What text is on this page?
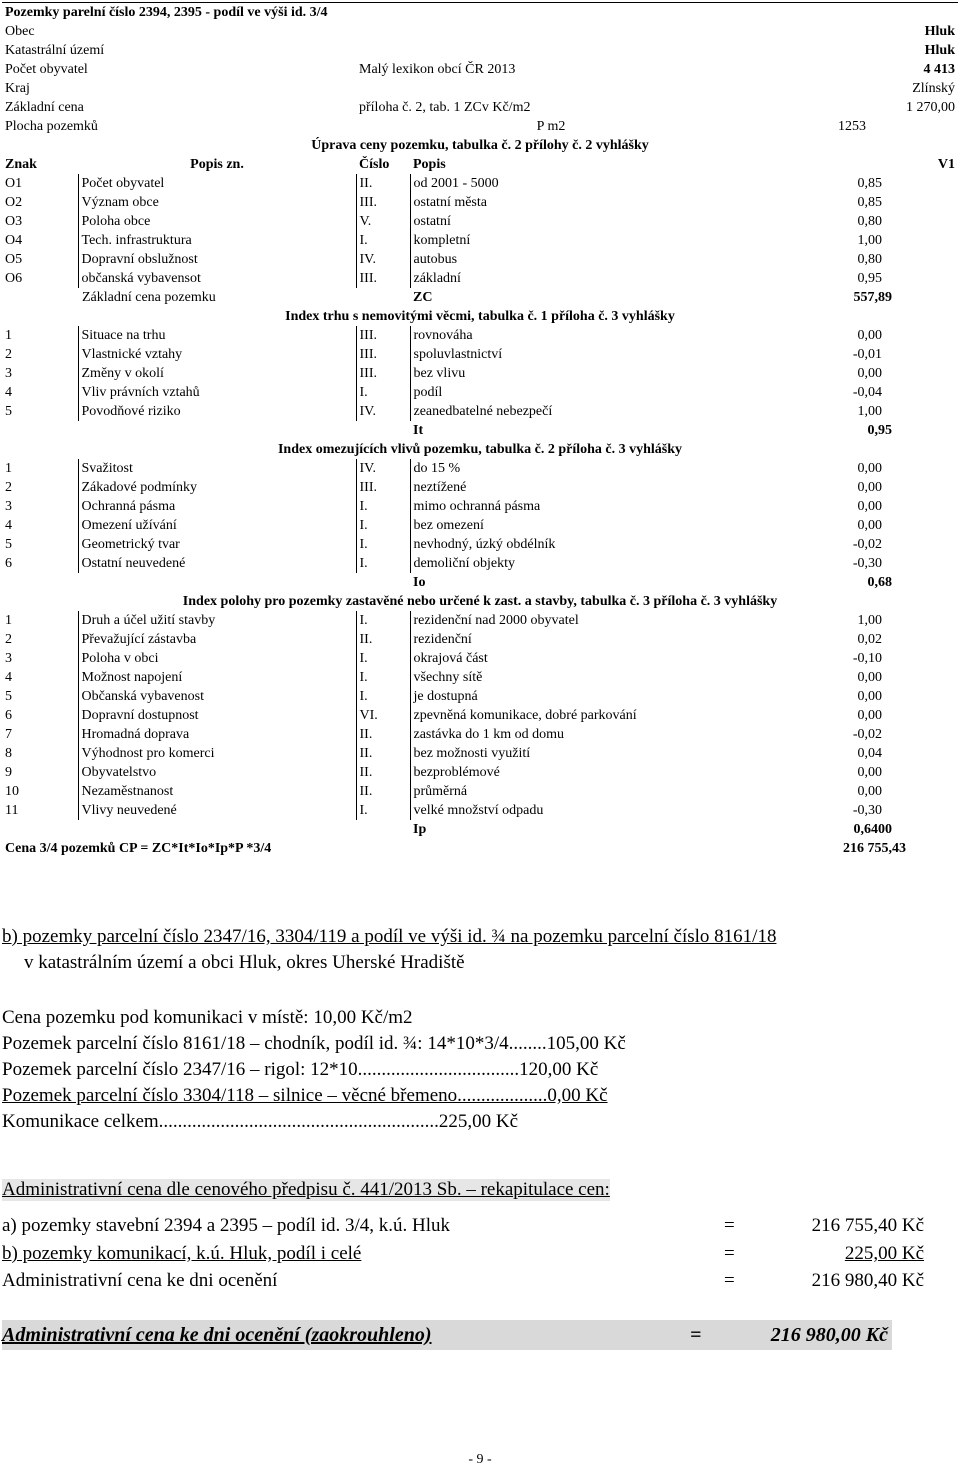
Pozemky parelní číslo 2394, 2395 - podíl ve výši id. 3/4				
Obec				Hluk
Katastrální území				Hluk
Počet obyvatel		Malý lexikon obcí ČR 2013		4 413
Kraj				Zlínský
Základní cena		příloha č. 2, tab. 1 ZCv Kč/m2		1 270,00
Plocha pozemků		P m2		1253
Úprava ceny pozemku, tabulka č. 2 přílohy č. 2 vyhlášky				
Znak	Popis zn.	Číslo	Popis	V1
O1	Počet obyvatel	II.	od 2001 - 5000	0,85
O2	Význam obce	III.	ostatní města	0,85
O3	Poloha obce	V.	ostatní	0,80
O4	Tech. infrastruktura	I.	kompletní	1,00
O5	Dopravní obslužnost	IV.	autobus	0,80
O6	občanská vybavensot	III.	základní	0,95
Základní cena pozemku			ZC	557,89
Index trhu s nemovitými věcmi, tabulka č. 1 příloha č. 3 vyhlášky				
1	Situace na trhu	III.	rovnováha	0,00
2	Vlastnické vztahy	III.	spoluvlastnictví	-0,01
3	Změny v okolí	III.	bez vlivu	0,00
4	Vliv právních vztahů	I.	podíl	-0,04
5	Povodňové riziko	IV.	zeanedbatelné nebezpečí	1,00
			It	0,95
Index omezujících vlivů pozemku, tabulka č. 2 příloha č. 3 vyhlášky				
1	Svažitost	IV.	do 15 %	0,00
2	Zákadové podmínky	III.	neztížené	0,00
3	Ochranná pásma	I.	mimo ochranná pásma	0,00
4	Omezení užívání	I.	bez omezení	0,00
5	Geometrický tvar	I.	nevhodný, úzký obdélník	-0,02
6	Ostatní neuvedené	I.	demoliční objekty	-0,30
			Io	0,68
Index polohy pro pozemky zastavěné nebo určené k zast. a stavby, tabulka č. 3 příloha č. 3 vyhlášky				
1	Druh a účel užití stavby	I.	rezidenční nad 2000 obyvatel	1,00
2	Převažující zástavba	II.	rezidenční	0,02
3	Poloha v obci	I.	okrajová část	-0,10
4	Možnost napojení	I.	všechny sítě	0,00
5	Občanská vybavenost	I.	je dostupná	0,00
6	Dopravní dostupnost	VI.	zpevněná komunikace, dobré parkování	0,00
7	Hromadná doprava	II.	zastávka do 1 km od domu	-0,02
8	Výhodnost pro komerci	II.	bez možnosti využití	0,04
9	Obyvatelstvo	II.	bezproblémové	0,00
10	Nezaměstnanost	II.	průměrná	0,00
11	Vlivy neuvedené	I.	velké množství odpadu	-0,30
			Ip	0,6400
Cena 3/4 pozemků CP = ZC*It*Io*Ip*P *3/4				216 755,43
b) pozemky parcelní číslo 2347/16, 3304/119 a podíl ve výši id. ¾ na pozemku parcelní číslo 8161/18
v katastrálním území a obci Hluk, okres Uherské Hradiště
Cena pozemku pod komunikaci v místě: 10,00 Kč/m2
Pozemek parcelní číslo 8161/18 – chodník, podíl id. ¾: 14*10*3/4........105,00 Kč
Pozemek parcelní číslo 2347/16 – rigol: 12*10..................................120,00 Kč
Pozemek parcelní číslo 3304/118 – silnice – věcné břemeno...................0,00 Kč
Komunikace celkem...........................................................225,00 Kč
Administrativní cena dle cenového předpisu č. 441/2013 Sb. – rekapitulace cen:
a) pozemky stavební 2394 a 2395 – podíl id. 3/4, k.ú. Hluk	=	216 755,40 Kč
b) pozemky komunikací, k.ú. Hluk, podíl i celé	=	225,00 Kč
Administrativní cena ke dni ocenění	=	216 980,40 Kč
Administrativní cena ke dni ocenění (zaokrouhleno)	=	216 980,00 Kč
- 9 -
